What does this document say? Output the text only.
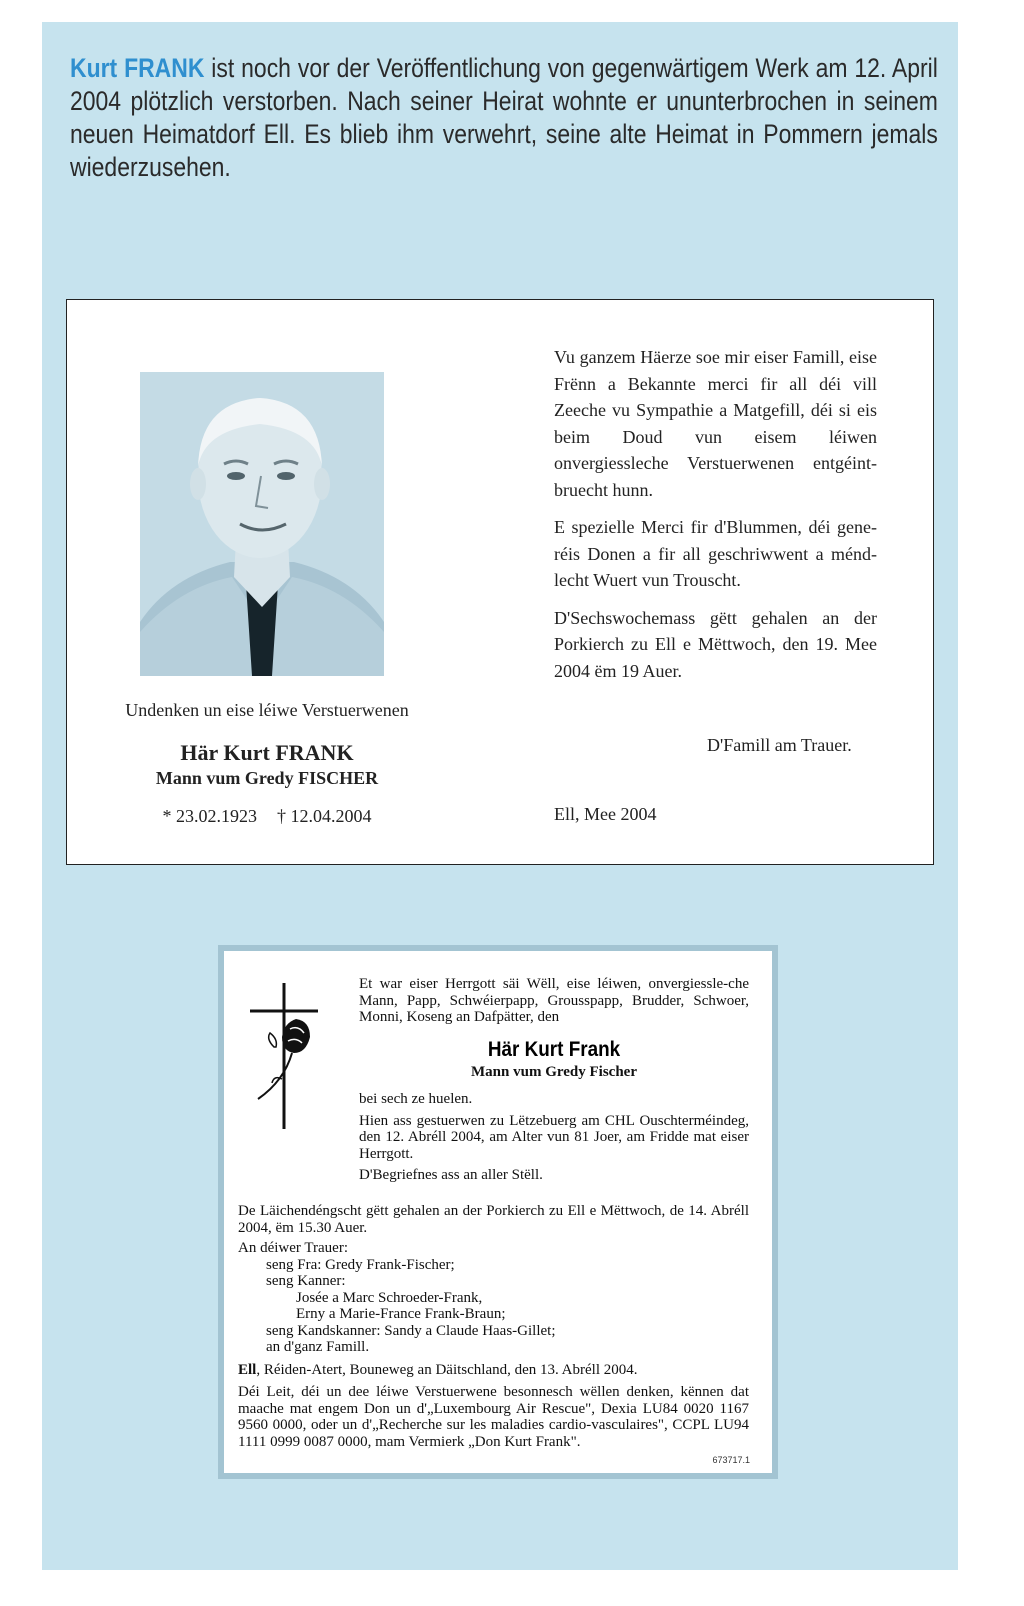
Kurt FRANK ist noch vor der Veröffentlichung von gegenwärtigem Werk am 12. April 2004 plötzlich verstorben. Nach seiner Heirat wohnte er ununterbrochen in seinem neuen Heimatdorf Ell. Es blieb ihm verwehrt, seine alte Heimat in Pommern jemals wiederzusehen.
Undenken un eise léiwe Verstuerwenen
Här Kurt FRANK
Mann vum Gredy FISCHER
* 23.02.1923 † 12.04.2004

Vu ganzem Häerze soe mir eiser Famill, eise Frënn a Bekannte merci fir all déi vill Zeeche vu Sympathie a Matgefill, déi si eis beim Doud vun eisem léiwen onvergiessleche Verstuerwenen entgéint-bruecht hunn.

E spezielle Merci fir d'Blummen, déi gene-réis Donen a fir all geschriwwent a ménd-lecht Wuert vun Trouscht.

D'Sechswochemass gëtt gehalen an der Porkierch zu Ell e Mëttwoch, den 19. Mee 2004 ëm 19 Auer.

D'Famill am Trauer.
Ell, Mee 2004
Et war eiser Herrgott säi Wëll, eise léiwen, onvergiessle-che Mann, Papp, Schwéierpapp, Grousspapp, Brudder, Schwoer, Monni, Koseng an Dafpätter, den
Här Kurt Frank
Mann vum Gredy Fischer

bei sech ze huelen.

Hien ass gestuerwen zu Lëtzebuerg am CHL Ouschterméindeg, den 12. Abréll 2004, am Alter vun 81 Joer, am Fridde mat eiser Herrgott.

D'Begriefnes ass an aller Stëll.

De Läichendéngscht gëtt gehalen an der Porkierch zu Ell e Mëttwoch, de 14. Abréll 2004, ëm 15.30 Auer.

An déiwer Trauer:

seng Fra: Gredy Frank-Fischer;

seng Kanner:

Josée a Marc Schroeder-Frank,

Erny a Marie-France Frank-Braun;

seng Kandskanner: Sandy a Claude Haas-Gillet;

an d'ganz Famill.

Ell, Réiden-Atert, Bouneweg an Däitschland, den 13. Abréll 2004.

Déi Leit, déi un dee léiwe Verstuerwene besonnesch wëllen denken, kënnen dat maache mat engem Don un d'„Luxembourg Air Rescue", Dexia LU84 0020 1167 9560 0000, oder un d'„Recherche sur les maladies cardio-vasculaires", CCPL LU94 1111 0999 0087 0000, mam Vermierk „Don Kurt Frank".

673717.1
